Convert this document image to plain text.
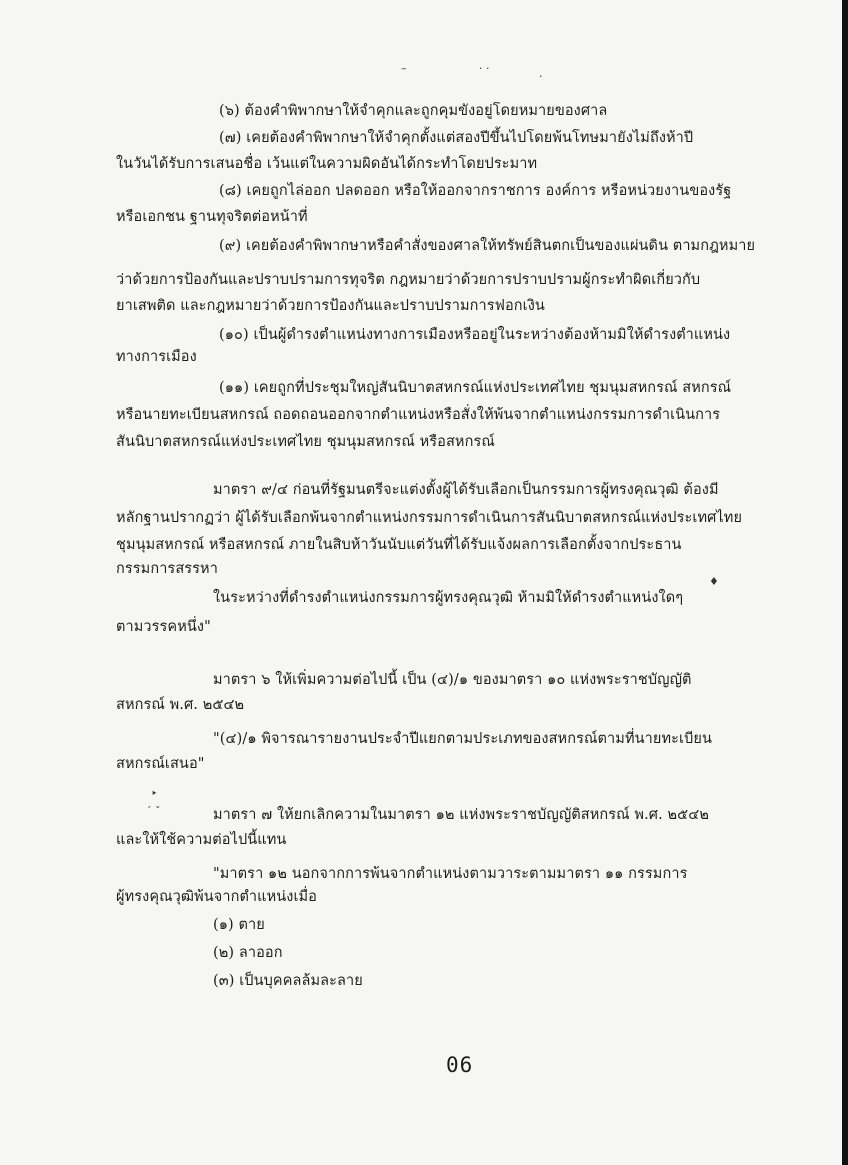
–	· ·
·
(๖) ต้องคำพิพากษาให้จำคุกและถูกคุมขังอยู่โดยหมายของศาล
(๗) เคยต้องคำพิพากษาให้จำคุกตั้งแต่สองปีขึ้นไปโดยพ้นโทษมายังไม่ถึงห้าปี
ในวันได้รับการเสนอชื่อ เว้นแต่ในความผิดอันได้กระทำโดยประมาท
(๘) เคยถูกไล่ออก ปลดออก หรือให้ออกจากราชการ องค์การ หรือหน่วยงานของรัฐ
หรือเอกชน ฐานทุจริตต่อหน้าที่
(๙) เคยต้องคำพิพากษาหรือคำสั่งของศาลให้ทรัพย์สินตกเป็นของแผ่นดิน ตามกฎหมาย
ว่าด้วยการป้องกันและปราบปรามการทุจริต กฎหมายว่าด้วยการปราบปรามผู้กระทำผิดเกี่ยวกับ
ยาเสพติด และกฎหมายว่าด้วยการป้องกันและปราบปรามการฟอกเงิน
(๑๐) เป็นผู้ดำรงตำแหน่งทางการเมืองหรืออยู่ในระหว่างต้องห้ามมิให้ดำรงตำแหน่ง
ทางการเมือง
(๑๑) เคยถูกที่ประชุมใหญ่สันนิบาตสหกรณ์แห่งประเทศไทย ชุมนุมสหกรณ์ สหกรณ์
หรือนายทะเบียนสหกรณ์ ถอดถอนออกจากตำแหน่งหรือสั่งให้พ้นจากตำแหน่งกรรมการดำเนินการ
สันนิบาตสหกรณ์แห่งประเทศไทย ชุมนุมสหกรณ์ หรือสหกรณ์
มาตรา ๙/๔ ก่อนที่รัฐมนตรีจะแต่งตั้งผู้ได้รับเลือกเป็นกรรมการผู้ทรงคุณวุฒิ ต้องมี
หลักฐานปรากฏว่า ผู้ได้รับเลือกพ้นจากตำแหน่งกรรมการดำเนินการสันนิบาตสหกรณ์แห่งประเทศไทย
ชุมนุมสหกรณ์ หรือสหกรณ์ ภายในสิบห้าวันนับแต่วันที่ได้รับแจ้งผลการเลือกตั้งจากประธาน
กรรมการสรรหา
♦
ในระหว่างที่ดำรงตำแหน่งกรรมการผู้ทรงคุณวุฒิ ห้ามมิให้ดำรงตำแหน่งใดๆ
ตามวรรคหนึ่ง"
มาตรา ๖ ให้เพิ่มความต่อไปนี้ เป็น (๔)/๑ ของมาตรา ๑๐ แห่งพระราชบัญญัติ
สหกรณ์ พ.ศ. ๒๕๔๒
"(๔)/๑ พิจารณารายงานประจำปีแยกตามประเภทของสหกรณ์ตามที่นายทะเบียน
สหกรณ์เสนอ"
‣
´ ˇ	มาตรา ๗ ให้ยกเลิกความในมาตรา ๑๒ แห่งพระราชบัญญัติสหกรณ์ พ.ศ. ๒๕๔๒
และให้ใช้ความต่อไปนี้แทน
"มาตรา ๑๒ นอกจากการพ้นจากตำแหน่งตามวาระตามมาตรา ๑๑ กรรมการ
ผู้ทรงคุณวุฒิพ้นจากตำแหน่งเมื่อ
(๑) ตาย
(๒) ลาออก
(๓) เป็นบุคคลล้มละลาย
06
